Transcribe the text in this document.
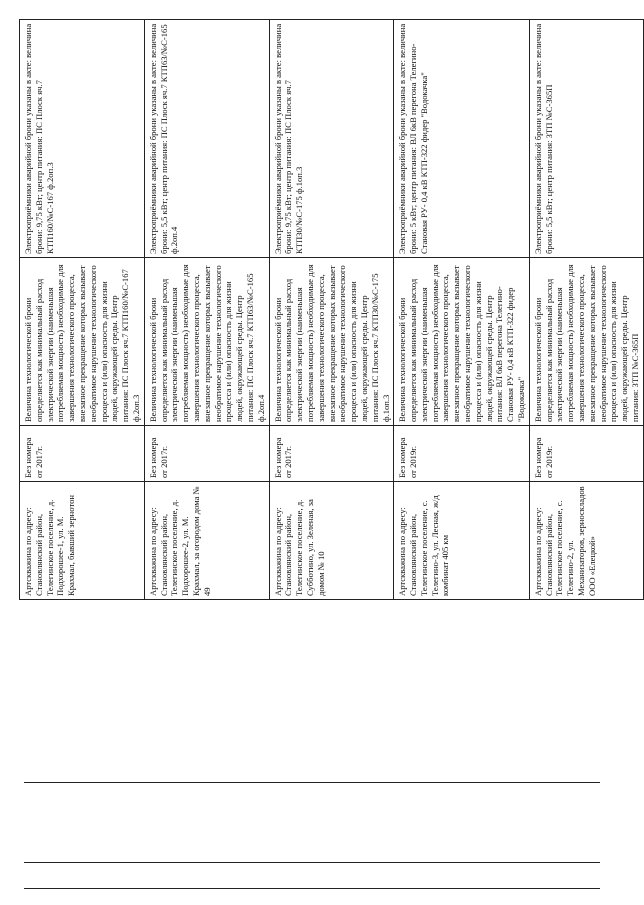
Артскважина по адресу: Становлянский район, Телегинское поселение, д. Подхорошее-1, ул. М. Крахмал, бывший зернотон	Без номера от 2017г.	Величина технологической брони определяется как минимальный расход электрической энергии (наименьшая потребляемая мощность) необходимые для завершения технологического процесса, внезапное прекращение которых вызывает необратимое нарушение технологического процесса и (или) опасность для жизни людей, окружающей среды. Центр питания: ПС Плоск яч.7 КТП160/№С-167 ф.2оп.3	Электроприёмники аварийной брони указаны в акте: величина брони: 9,75 кВт; центр питания: ПС Плоск яч.7 КТП160/№С-167 ф.2оп.3
Артскважина по адресу: Становлянский район, Телегинское поселение, д. Подхорошее-2, ул. М. Крахмал, за огородом дома № 49	Без номера от 2017г.	Величина технологической брони определяется как минимальный расход электрической энергии (наименьшая потребляемая мощность) необходимые для завершения технологического процесса, внезапное прекращение которых вызывает необратимое нарушение технологического процесса и (или) опасность для жизни людей, окружающей среды. Центр питания: ПС Плоск яч.7 КТП63/№С-165 ф.2оп.4	Электроприёмники аварийной брони указаны в акте: величина брони: 5,5 кВт; центр питания: ПС Плоск яч.7 КТП63/№С-165 ф.2оп.4
Артскважина по адресу: Становлянский район, Телегинское поселение, д. Субботино, ул. Зеленая, за домом № 10	Без номера от 2017г.	Величина технологической брони определяется как минимальный расход электрической энергии (наименьшая потребляемая мощность) необходимые для завершения технологического процесса, внезапное прекращение которых вызывает необратимое нарушение технологического процесса и (или) опасность для жизни людей, окружающей среды. Центр питания: ПС Плоск яч.7 КТП30/№С-175 ф.1оп.3	Электроприёмники аварийной брони указаны в акте: величина брони: 9,75 кВт; центр питания: ПС Плоск яч.7 КТП30/№С-175 ф.1оп.3
Артскважина по адресу: Становлянский район, Телегинское поселение, с. Телегино-3, ул. Лесная, ж/д комбинат 405 км	Без номера от 2019г.	Величина технологической брони определяется как минимальный расход электрической энергии (наименьшая потребляемая мощность) необходимые для завершения технологического процесса, внезапное прекращение которых вызывает необратимое нарушение технологического процесса и (или) опасность для жизни людей, окружающей среды. Центр питания: ВЛ 6кВ перегона Телегино-Становая РУ- 0,4 кВ КТП-322 фидер "Водокачка"	Электроприёмники аварийной брони указаны в акте: величина брони: 5 кВт; центр питания: ВЛ 6кВ перегона Телегино- Становая РУ- 0,4 кВ КТП-322 фидер "Водокачка"
Артскважина по адресу: Становлянский район, Телегинское поселение, с. Телегино-2, ул. Механизаторов, зерноскладов ООО «Елецкой»	Без номера от 2019г.	Величина технологической брони определяется как минимальный расход электрической энергии (наименьшая потребляемая мощность) необходимые для завершения технологического процесса, внезапное прекращение которых вызывает необратимое нарушение технологического процесса и (или) опасность для жизни людей, окружающей среды. Центр питания: ЗТП №С-365П	Электроприёмники аварийной брони указаны в акте: величина брони: 5,5 кВт; центр питания: ЗТП №С-365П
